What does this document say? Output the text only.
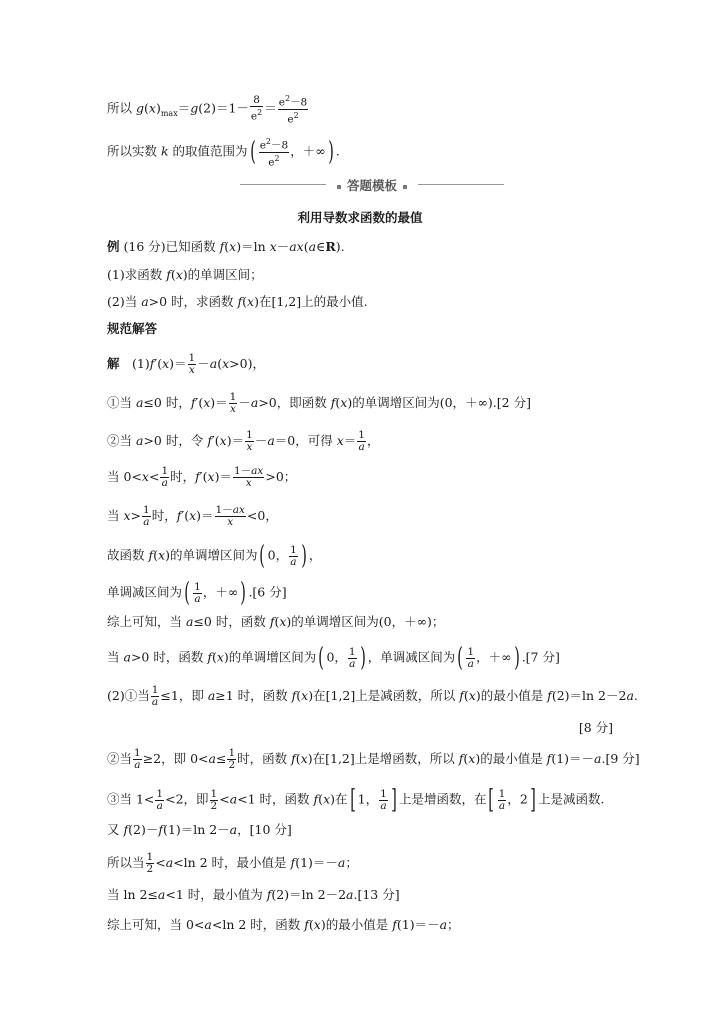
所以 $g(x)_{max}=g(2)=1- \frac{8}{e^2} = \frac{e^2-8}{e^2}$
所以实数 k 的取值范围为( $\frac{e^2-8}{e^2}$ ，＋∞) .
答题模板
利用导数求函数的最值
例 (16 分)已知函数 f(x)＝ln x－ax(a∈R).
(1)求函数 f(x)的单调区间；
(2)当 a>0 时，求函数 f(x)在[1,2]上的最小值.
规范解答
解　$(1)f'(x)= \frac{1}{x} -a(x>0)$，
①当 a≤0 时，$f'(x)= \frac{1}{x} -a>0$，即函数 f(x)的单调增区间为(0，＋∞).[2 分]
②当 a>0 时，令 $f'(x)= \frac{1}{x} -a=0$，可得 $x= \frac{1}{a}$ ，
当 $0<x< \frac{1}{a}$ 时，$f'(x)= \frac{1-ax}{x} >0$；
当 $x> \frac{1}{a}$ 时，$f'(x)= \frac{1-ax}{x} <0$，
故函数 f(x)的单调增区间为( 0， $\frac{1}{a}$ ) ，
单调减区间为( $\frac{1}{a}$ ，＋∞) .[6 分]
综上可知，当 a≤0 时，函数 f(x)的单调增区间为(0，＋∞)；
当 a>0 时，函数 f(x)的单调增区间为( 0， $\frac{1}{a}$ ) ，单调减区间为( $\frac{1}{a}$ ，＋∞) .[7 分]
(2)①当 $\frac{1}{a} \le 1$，即 a≥1 时，函数 f(x)在[1,2]上是减函数，所以 f(x)的最小值是 f(2)＝ln 2－2a.
[8 分]
②当 $\frac{1}{a} \ge 2$，即 $0<a\le \frac{1}{2}$ 时，函数 f(x)在[1,2]上是增函数，所以 f(x)的最小值是 f(1)＝－a.[9 分]
③当 $1< \frac{1}{a} <2$，即 $\frac{1}{2} <a<1$ 时，函数 f(x)在[ 1， $\frac{1}{a}$ ] 上是增函数，在[ $\frac{1}{a}$ ，2] 上是减函数.
又 f(2)－f(1)＝ln 2－a，[10 分]
所以当 $\frac{1}{2} <a<\ln$ 2 时，最小值是 f(1)＝－a；
当 ln 2≤a<1 时，最小值为 f(2)＝ln 2－2a.[13 分]
综上可知，当 0<a<ln 2 时，函数 f(x)的最小值是 f(1)＝－a；
